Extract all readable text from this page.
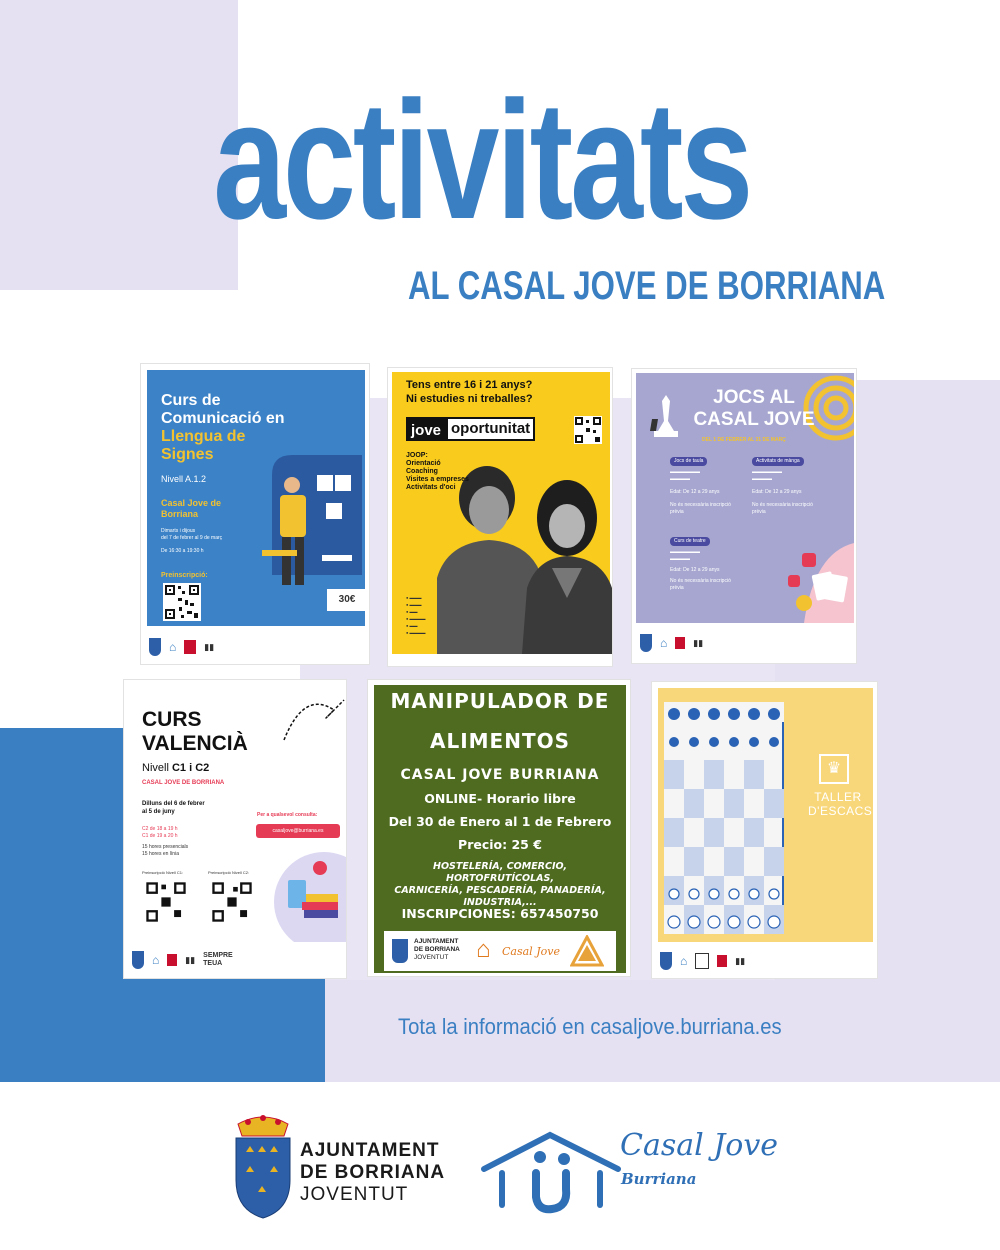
activitats
AL CASAL JOVE DE BORRIANA
Curs de
Comunicació en
Llengua de
Signes
Nivell A.1.2
Casal Jove de
Borriana
Dimarts i dijous
del 7 de febrer al 9 de març
De 16:30 a 19:30 h
Preinscripció:
30€
⌂	▮▮
Tens entre 16 i 21 anys?
Ni estudies ni treballes?
jove oportunitat
JOOP:
Orientació
Coaching
Visites a empreses
Activitats d'oci
● ▬▬▬
● ▬▬▬
● ▬▬
● ▬▬▬▬
● ▬▬
● ▬▬▬▬
JOCS AL
CASAL JOVE
DEL 1 DE FEBRER AL 31 DE MARÇ
Jocs de taula
▬▬▬▬▬▬
▬▬▬▬
Edat: De 12 a 29 anys
No és necessària inscripció prèvia
Activitats de mànga
▬▬▬▬▬▬
▬▬▬▬
Edat: De 12 a 29 anys
No és necessària inscripció prèvia
Curs de teatre
▬▬▬▬▬▬
▬▬▬▬
Edat: De 12 a 29 anys
No és necessària inscripció prèvia
⌂	▮▮
CURS
VALENCIÀ
Nivell C1 i C2
CASAL JOVE DE BORRIANA
Dilluns del 6 de febrer
al 5 de juny
C2 de 18 a 19 h
C1 de 19 a 20 h
15 hores presencials
15 hores en línia
Per a qualsevol consulta:
casaljove@burriana.es
Preinscripció Nivell C1:	Preinscripció Nivell C2:
⌂	▮▮ SEMPRE TEUA
MANIPULADOR DE
ALIMENTOS
CASAL JOVE BURRIANA
ONLINE- Horario libre
Del 30 de Enero al 1 de Febrero
Precio: 25 €
HOSTELERÍA, COMERCIO, HORTOFRUTÍCOLAS,
CARNICERÍA, PESCADERÍA, PANADERÍA,
INDUSTRIA,...
INSCRIPCIONES: 657450750
AJUNTAMENT
DE BORRIANA
JOVENTUT	⌂ Casal Jove
♛
TALLER
D'ESCACS
⌂	▮▮
Tota la informació en casaljove.burriana.es
AJUNTAMENT
DE BORRIANA
JOVENTUT
Casal Jove
Burriana
